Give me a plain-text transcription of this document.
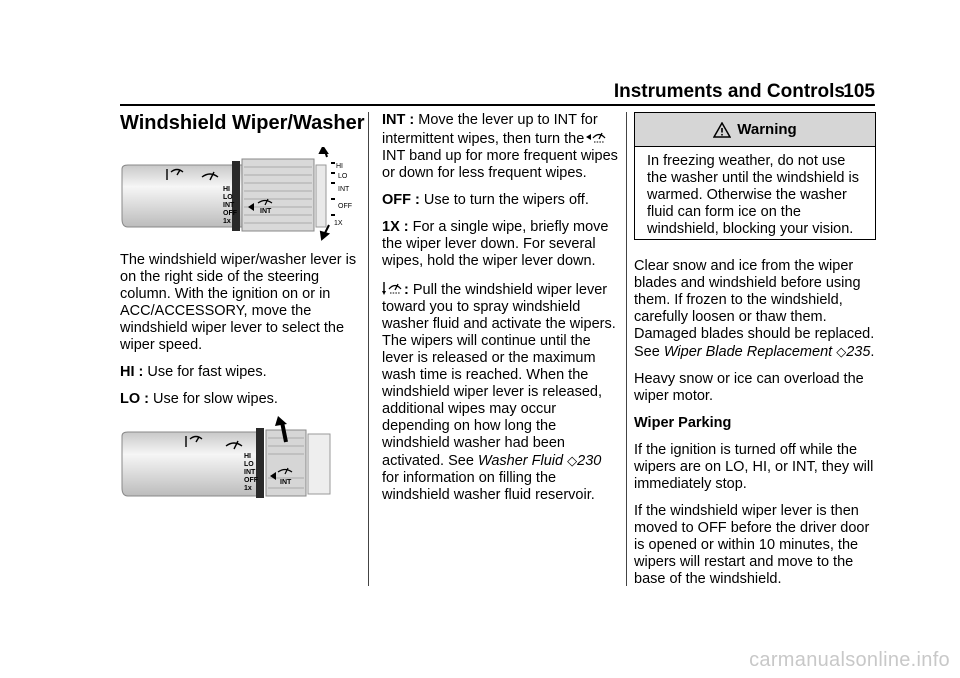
Instruments and Controls
105
Windshield Wiper/Washer
HI
LO
INT
OFF
1x
INT
HI
LO
INT
OFF
1X

The windshield wiper/washer lever is on the right side of the steering column. With the ignition on or in ACC/ACCESSORY, move the windshield wiper lever to select the wiper speed.

HI : Use for fast wipes.

LO : Use for slow wipes.

HI
LO
INT
OFF
1x
INT

INT : Move the lever up to INT for intermittent wipes, then turn the INT band up for more frequent wipes or down for less frequent wipes.

OFF : Use to turn the wipers off.

1X : For a single wipe, briefly move the wiper lever down. For several wipes, hold the wiper lever down.

: Pull the windshield wiper lever toward you to spray windshield washer fluid and activate the wipers. The wipers will continue until the lever is released or the maximum wash time is reached. When the windshield wiper lever is released, additional wipes may occur depending on how long the windshield washer had been activated. See Washer Fluid ◇230 for information on filling the windshield washer fluid reservoir.

Warning
In freezing weather, do not use the washer until the windshield is warmed. Otherwise the washer fluid can form ice on the windshield, blocking your vision.

Clear snow and ice from the wiper blades and windshield before using them. If frozen to the windshield, carefully loosen or thaw them. Damaged blades should be replaced. See Wiper Blade Replacement ◇235.

Heavy snow or ice can overload the wiper motor.

Wiper Parking

If the ignition is turned off while the wipers are on LO, HI, or INT, they will immediately stop.

If the windshield wiper lever is then moved to OFF before the driver door is opened or within 10 minutes, the wipers will restart and move to the base of the windshield.

carmanualsonline.info
